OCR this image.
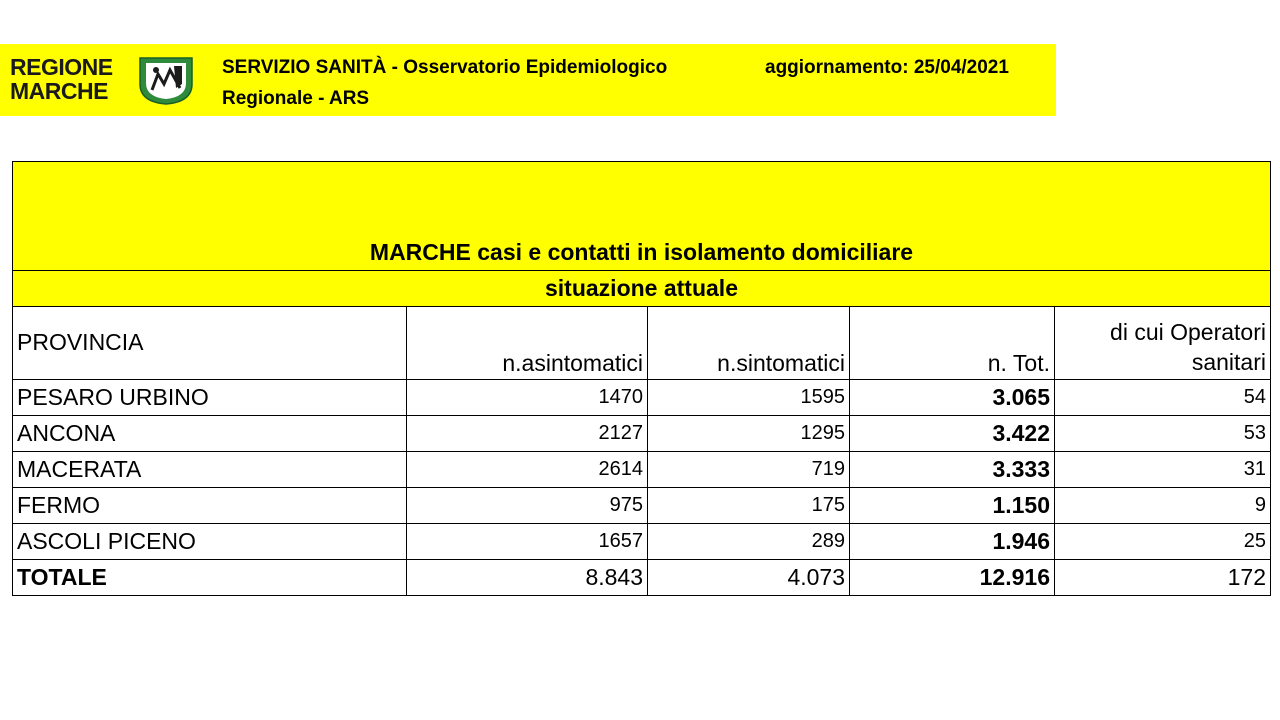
REGIONE
MARCHE
SERVIZIO SANITÀ - Osservatorio Epidemiologico
Regionale - ARS
aggiornamento: 25/04/2021
MARCHE casi e contatti in isolamento domiciliare				
situazione attuale				
PROVINCIA	n.asintomatici	n.sintomatici	n. Tot.	di cui Operatori
sanitari

PESARO URBINO	1470	1595	3.065	54
ANCONA	2127	1295	3.422	53
MACERATA	2614	719	3.333	31
FERMO	975	175	1.150	9
ASCOLI PICENO	1657	289	1.946	25
TOTALE	8.843	4.073	12.916	172
